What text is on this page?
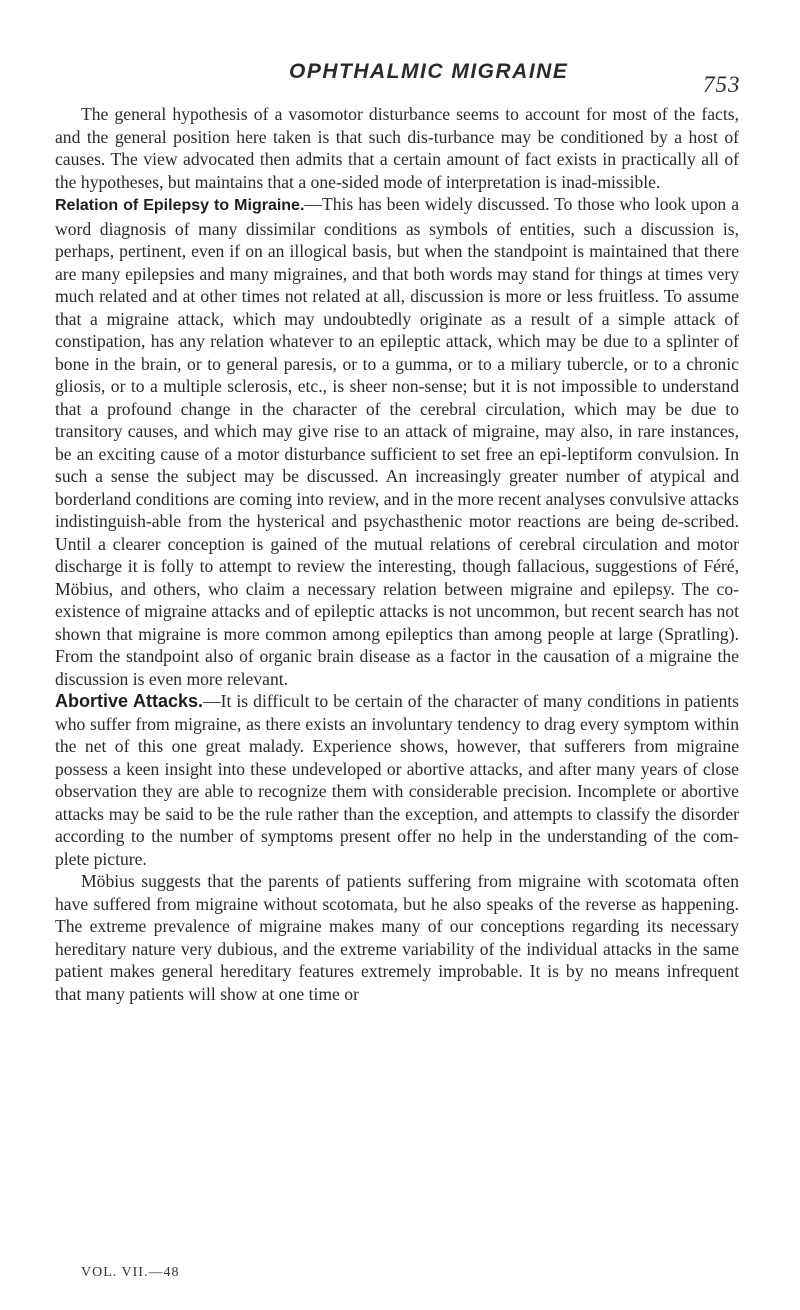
OPHTHALMIC MIGRAINE
753

The general hypothesis of a vasomotor disturbance seems to account for most of the facts, and the general position here taken is that such dis-turbance may be conditioned by a host of causes. The view advocated then admits that a certain amount of fact exists in practically all of the hypotheses, but maintains that a one-sided mode of interpretation is inad-missible.

Relation of Epilepsy to Migraine.—This has been widely discussed. To those who look upon a word diagnosis of many dissimilar conditions as symbols of entities, such a discussion is, perhaps, pertinent, even if on an illogical basis, but when the standpoint is maintained that there are many epilepsies and many migraines, and that both words may stand for things at times very much related and at other times not related at all, discussion is more or less fruitless. To assume that a migraine attack, which may undoubtedly originate as a result of a simple attack of constipation, has any relation whatever to an epileptic attack, which may be due to a splinter of bone in the brain, or to general paresis, or to a gumma, or to a miliary tubercle, or to a chronic gliosis, or to a multiple sclerosis, etc., is sheer non-sense; but it is not impossible to understand that a profound change in the character of the cerebral circulation, which may be due to transitory causes, and which may give rise to an attack of migraine, may also, in rare instances, be an exciting cause of a motor disturbance sufficient to set free an epi-leptiform convulsion. In such a sense the subject may be discussed. An increasingly greater number of atypical and borderland conditions are coming into review, and in the more recent analyses convulsive attacks indistinguish-able from the hysterical and psychasthenic motor reactions are being de-scribed. Until a clearer conception is gained of the mutual relations of cerebral circulation and motor discharge it is folly to attempt to review the interesting, though fallacious, suggestions of Féré, Möbius, and others, who claim a necessary relation between migraine and epilepsy. The co-existence of migraine attacks and of epileptic attacks is not uncommon, but recent search has not shown that migraine is more common among epileptics than among people at large (Spratling). From the standpoint also of organic brain disease as a factor in the causation of a migraine the discussion is even more relevant.

Abortive Attacks.—It is difficult to be certain of the character of many conditions in patients who suffer from migraine, as there exists an involuntary tendency to drag every symptom within the net of this one great malady. Experience shows, however, that sufferers from migraine possess a keen insight into these undeveloped or abortive attacks, and after many years of close observation they are able to recognize them with considerable precision. Incomplete or abortive attacks may be said to be the rule rather than the exception, and attempts to classify the disorder according to the number of symptoms present offer no help in the understanding of the com-plete picture.

Möbius suggests that the parents of patients suffering from migraine with scotomata often have suffered from migraine without scotomata, but he also speaks of the reverse as happening. The extreme prevalence of migraine makes many of our conceptions regarding its necessary hereditary nature very dubious, and the extreme variability of the individual attacks in the same patient makes general hereditary features extremely improbable. It is by no means infrequent that many patients will show at one time or

VOL. VII.—48
